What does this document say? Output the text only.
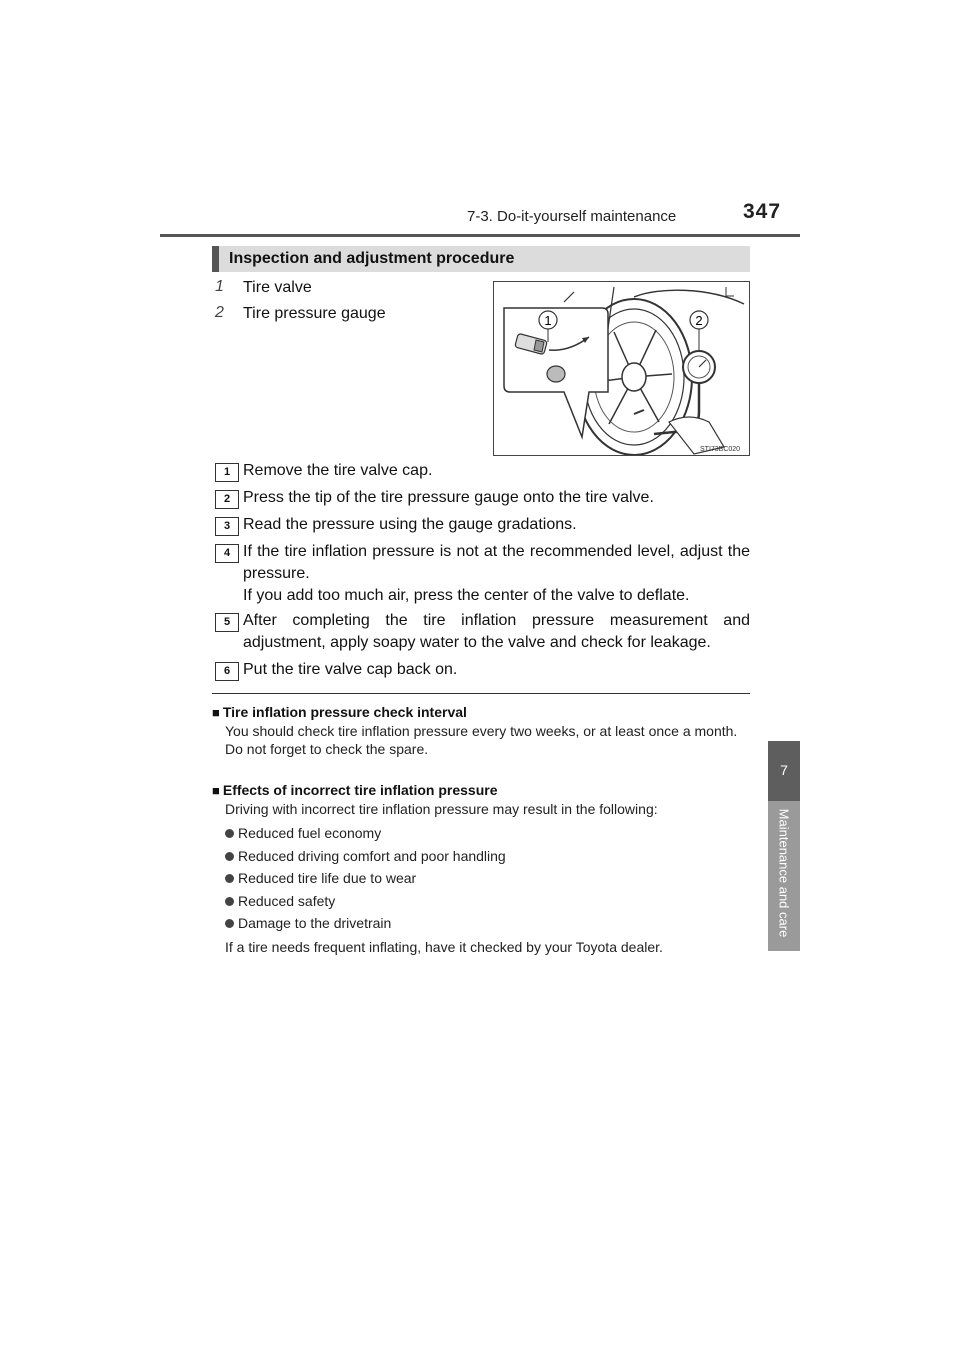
7-3. Do-it-yourself maintenance	347
7
Maintenance and care
Inspection and adjustment procedure
1 Tire valve
2 Tire pressure gauge	1	2
STI73BC020
1 Remove the tire valve cap.
2 Press the tip of the tire pressure gauge onto the tire valve.
3 Read the pressure using the gauge gradations.
4 If the tire inflation pressure is not at the recommended level, adjust the pressure.
If you add too much air, press the center of the valve to deflate.
5 After completing the tire inflation pressure measurement and adjustment, apply soapy water to the valve and check for leakage.
6 Put the tire valve cap back on.
■ Tire inflation pressure check interval
You should check tire inflation pressure every two weeks, or at least once a month.
Do not forget to check the spare.
■ Effects of incorrect tire inflation pressure
Driving with incorrect tire inflation pressure may result in the following:
Reduced fuel economy
Reduced driving comfort and poor handling
Reduced tire life due to wear
Reduced safety
Damage to the drivetrain
If a tire needs frequent inflating, have it checked by your Toyota dealer.
